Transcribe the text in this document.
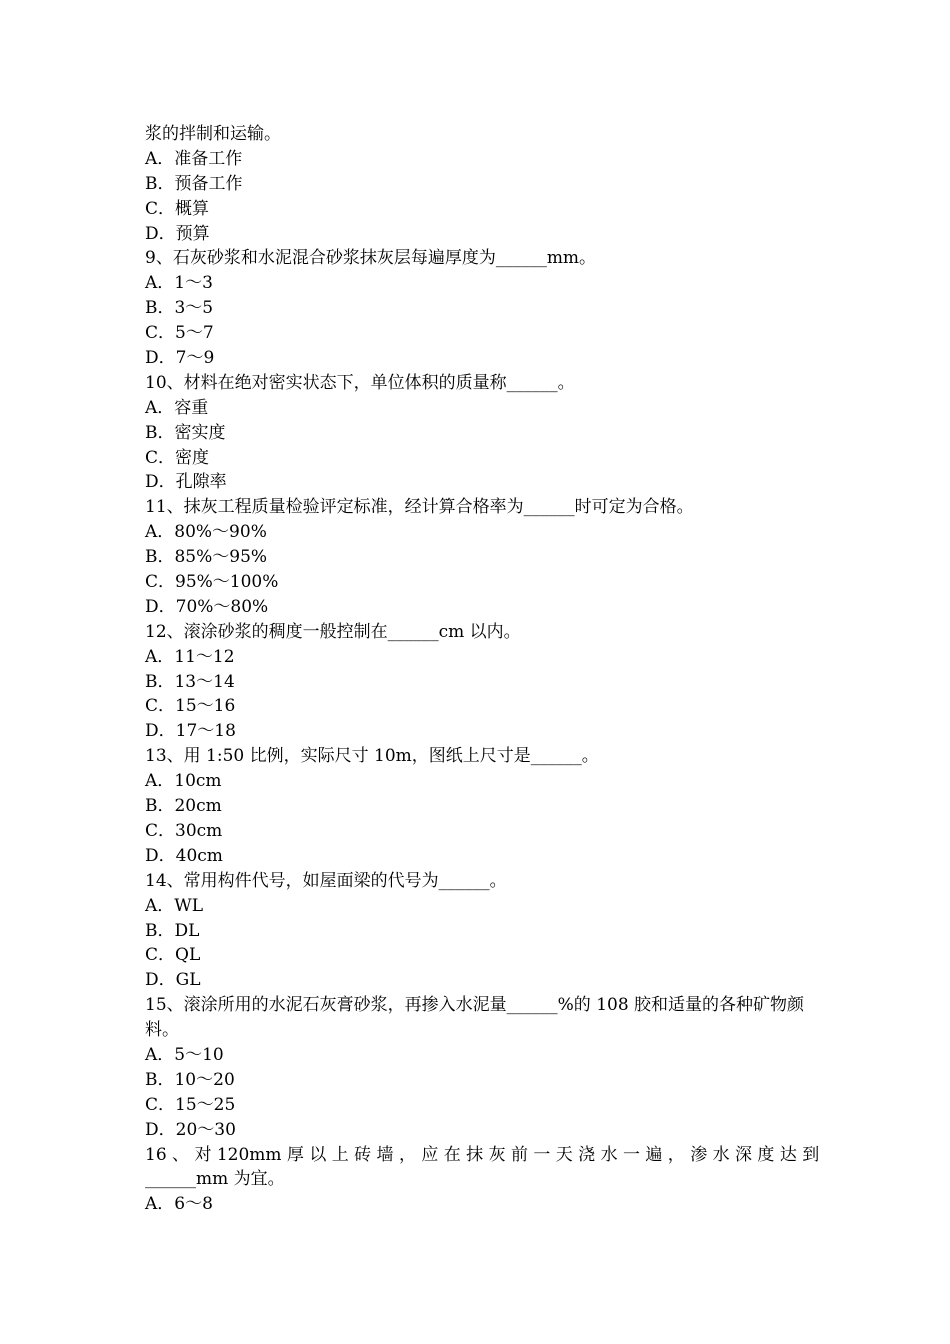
浆的拌制和运输。
A．准备工作
B．预备工作
C．概算
D．预算
9、石灰砂浆和水泥混合砂浆抹灰层每遍厚度为______mm。
A．1～3
B．3～5
C．5～7
D．7～9
10、材料在绝对密实状态下，单位体积的质量称______。
A．容重
B．密实度
C．密度
D．孔隙率
11、抹灰工程质量检验评定标准，经计算合格率为______时可定为合格。
A．80%～90%
B．85%～95%
C．95%～100%
D．70%～80%
12、滚涂砂浆的稠度一般控制在______cm 以内。
A．11～12
B．13～14
C．15～16
D．17～18
13、用 1:50 比例，实际尺寸 10m，图纸上尺寸是______。
A．10cm
B．20cm
C．30cm
D．40cm
14、常用构件代号，如屋面梁的代号为______。
A．WL
B．DL
C．QL
D．GL
15、滚涂所用的水泥石灰膏砂浆，再掺入水泥量______%的 108 胶和适量的各种矿物颜料。
A．5～10
B．10～20
C．15～25
D．20～30
16 、 对 120mm 厚 以 上 砖 墙 ， 应 在 抹 灰 前 一 天 浇 水 一 遍 ， 渗 水 深 度 达 到
______mm 为宜。
A．6～8
